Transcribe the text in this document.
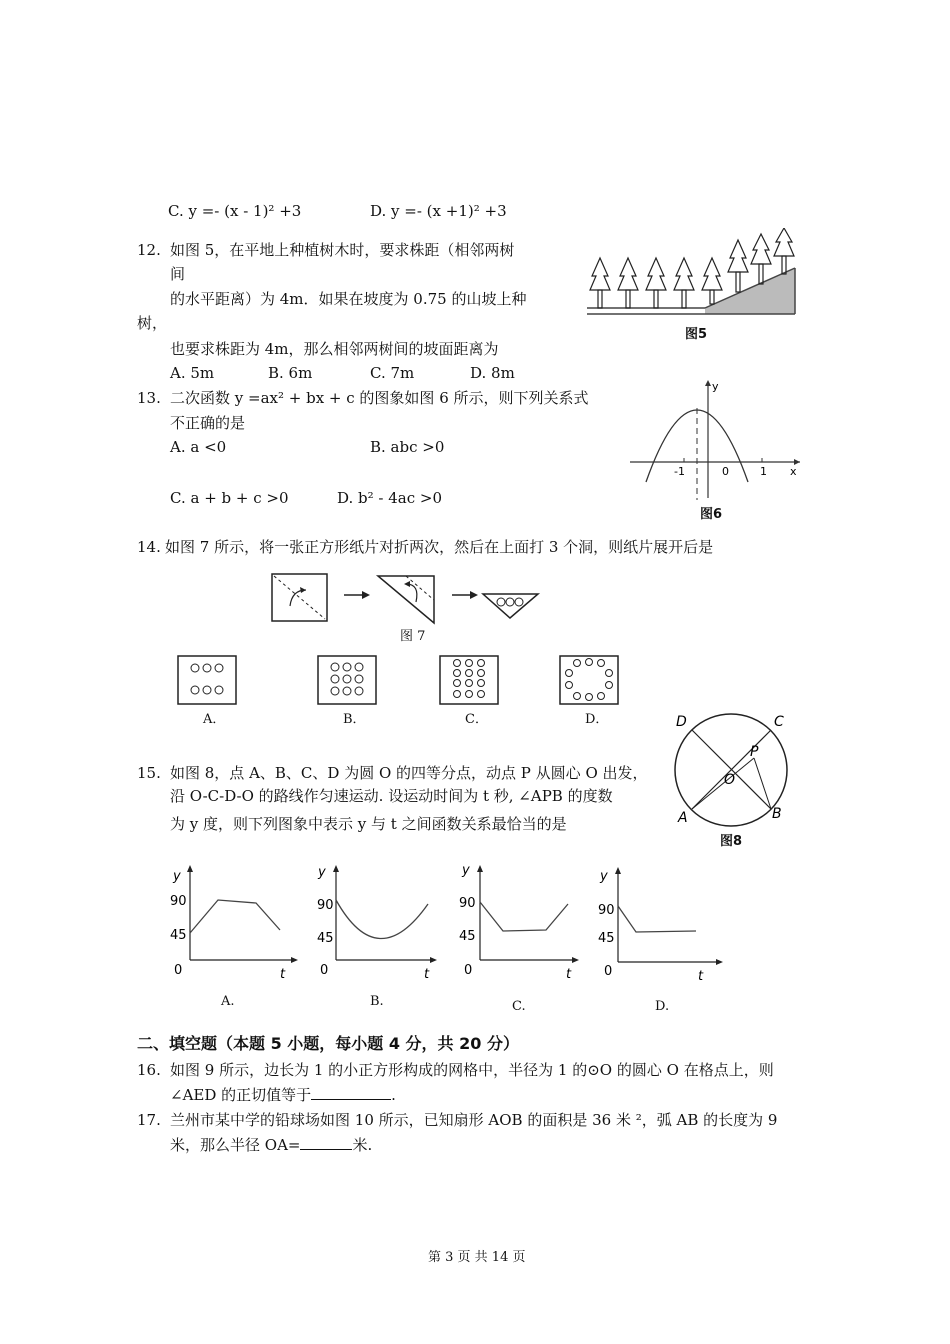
C. y =- (x - 1)² +3	D. y =- (x +1)² +3
12. 如图 5，在平地上种植树木时，要求株距（相邻两树
间
的水平距离）为 4m．如果在坡度为 0.75 的山坡上种
树，
也要求株距为 4m，那么相邻两树间的坡面距离为
A. 5m	B. 6m	C. 7m	D. 8m
图5
13. 二次函数 y =ax² + bx + c 的图象如图 6 所示，则下列关系式
不正确的是
A. a <0	B. abc >0
C. a + b + c >0	D. b² - 4ac >0
y
x
-1	0	1
图6
14. 如图 7 所示，将一张正方形纸片对折两次，然后在上面打 3 个洞，则纸片展开后是
图 7
A．	B．	C．	D．	D	C
P
O
A	B
图8
15. 如图 8，点 A、B、C、D 为圆 O 的四等分点，动点 P 从圆心 O 出发，
沿 O-C-D-O 的路线作匀速运动. 设运动时间为 t 秒, ∠APB 的度数
为 y 度，则下列图象中表示 y 与 t 之间函数关系最恰当的是
y
90
45
0	t
y
90
45
0	t
y
90
45
0	t
y
90
45
0	t
A.	B.	C.	D.
二、填空题（本题 5 小题，每小题 4 分，共 20 分）
16. 如图 9 所示，边长为 1 的小正方形构成的网格中，半径为 1 的⊙O 的圆心 O 在格点上，则
∠AED 的正切值等于	.
17. 兰州市某中学的铅球场如图 10 所示，已知扇形 AOB 的面积是 36 米 ²，弧 AB 的长度为 9
米，那么半径 OA=	米.
第 3 页 共 14 页
